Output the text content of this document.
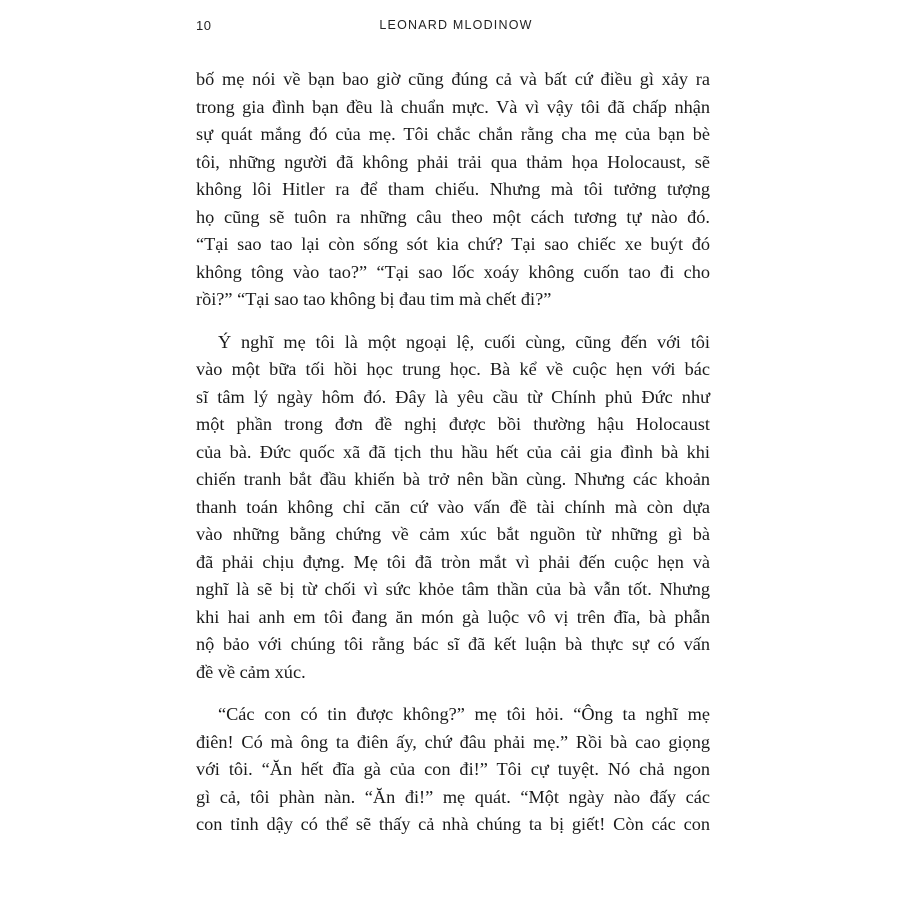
10	LEONARD MLODINOW

bố mẹ nói về bạn bao giờ cũng đúng cả và bất cứ điều gì xảy ra
trong gia đình bạn đều là chuẩn mực. Và vì vậy tôi đã chấp nhận
sự quát mắng đó của mẹ. Tôi chắc chắn rằng cha mẹ của bạn bè
tôi, những người đã không phải trải qua thảm họa Holocaust, sẽ
không lôi Hitler ra để tham chiếu. Nhưng mà tôi tưởng tượng
họ cũng sẽ tuôn ra những câu theo một cách tương tự nào đó.
“Tại sao tao lại còn sống sót kia chứ? Tại sao chiếc xe buýt đó
không tông vào tao?” “Tại sao lốc xoáy không cuốn tao đi cho
rồi?” “Tại sao tao không bị đau tim mà chết đi?”

Ý nghĩ mẹ tôi là một ngoại lệ, cuối cùng, cũng đến với tôi
vào một bữa tối hồi học trung học. Bà kể về cuộc hẹn với bác
sĩ tâm lý ngày hôm đó. Đây là yêu cầu từ Chính phủ Đức như
một phần trong đơn đề nghị được bồi thường hậu Holocaust
của bà. Đức quốc xã đã tịch thu hầu hết của cải gia đình bà khi
chiến tranh bắt đầu khiến bà trở nên bần cùng. Nhưng các khoản
thanh toán không chỉ căn cứ vào vấn đề tài chính mà còn dựa
vào những bằng chứng về cảm xúc bắt nguồn từ những gì bà
đã phải chịu đựng. Mẹ tôi đã tròn mắt vì phải đến cuộc hẹn và
nghĩ là sẽ bị từ chối vì sức khỏe tâm thần của bà vẫn tốt. Nhưng
khi hai anh em tôi đang ăn món gà luộc vô vị trên đĩa, bà phẫn
nộ bảo với chúng tôi rằng bác sĩ đã kết luận bà thực sự có vấn
đề về cảm xúc.

“Các con có tin được không?” mẹ tôi hỏi. “Ông ta nghĩ mẹ
điên! Có mà ông ta điên ấy, chứ đâu phải mẹ.” Rồi bà cao giọng
với tôi. “Ăn hết đĩa gà của con đi!” Tôi cự tuyệt. Nó chả ngon
gì cả, tôi phàn nàn. “Ăn đi!” mẹ quát. “Một ngày nào đấy các
con tỉnh dậy có thể sẽ thấy cả nhà chúng ta bị giết! Còn các con
